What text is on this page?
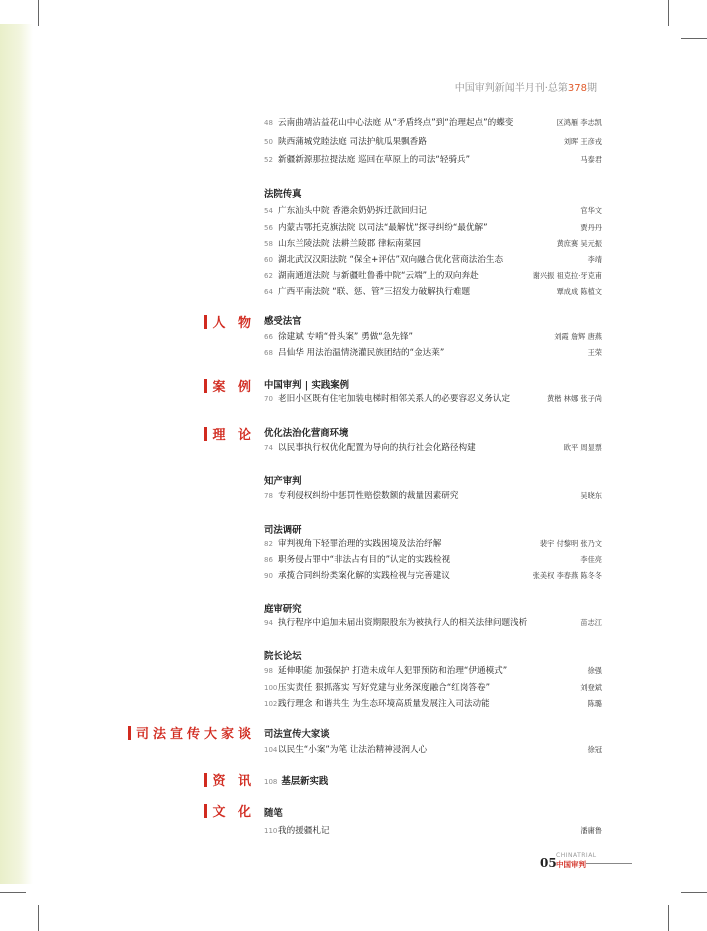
中国审判新闻半月刊·总第378期
人 物
案 例
理 论
司法宣传大家谈
资 讯
文 化
法院传真
感受法官
中国审判 | 实践案例
优化法治化营商环境
知产审判
司法调研
庭审研究
院长论坛
司法宣传大家谈
随笔
48 云南曲靖沾益花山中心法庭 从“矛盾终点”到“治理起点”的蝶变	区鸿雁 李志凯
50 陕西蒲城党睦法庭 司法护航瓜果飘香路	刘晖 王彦戎
52 新疆新源那拉提法庭 巡回在草原上的司法“轻骑兵”	马泰君
54 广东汕头中院 香港余奶奶拆迁款回归记	官华文
56 内蒙古鄂托克旗法院 以司法“最解忧”探寻纠纷“最优解”	贾丹丹
58 山东兰陵法院 法耕兰陵郡 律耘南菜园	黄庶赛 吴元振
60 湖北武汉汉阳法院 “保全+评估”双向融合优化营商法治生态	李靖
62 湖南通道法院 与新疆吐鲁番中院“云端”上的双向奔赴	谢兴振 祖克拉·牙克甫
64 广西平南法院 “联、惩、管”三招发力破解执行难题	覃成成 陈植文
66 徐建斌 专啃“骨头案” 勇做“急先锋”	刘霞 詹辉 唐燕
68 吕仙华 用法治温情浇灌民族团结的“金达莱”	王荣
70 老旧小区既有住宅加装电梯时相邻关系人的必要容忍义务认定	黄楷 林娜 张子尚
74 以民事执行权优化配置为导向的执行社会化路径构建	欧平 周显票
78 专利侵权纠纷中惩罚性赔偿数额的裁量因素研究	吴晓东
82 审判视角下轻罪治理的实践困境及法治纾解	裴宇 付黎明 张乃文
86 职务侵占罪中“非法占有目的”认定的实践检视	李佳亮
90 承揽合同纠纷类案化解的实践检视与完善建议	张美权 李春燕 陈冬冬
94 执行程序中追加未届出资期限股东为被执行人的相关法律问题浅析	苗志江
98 延伸职能 加强保护 打造未成年人犯罪预防和治理“伊通模式”	徐强
100压实责任 狠抓落实 写好党建与业务深度融合“红岗答卷”	刘登斌
102践行理念 和谐共生 为生态环境高质量发展注入司法动能	陈璐
104以民生“小案”为笔 让法治精神浸润人心	徐冠
110我的援疆札记	潘庸鲁
108 基层新实践
05
CHINATRIAL
中国审判
